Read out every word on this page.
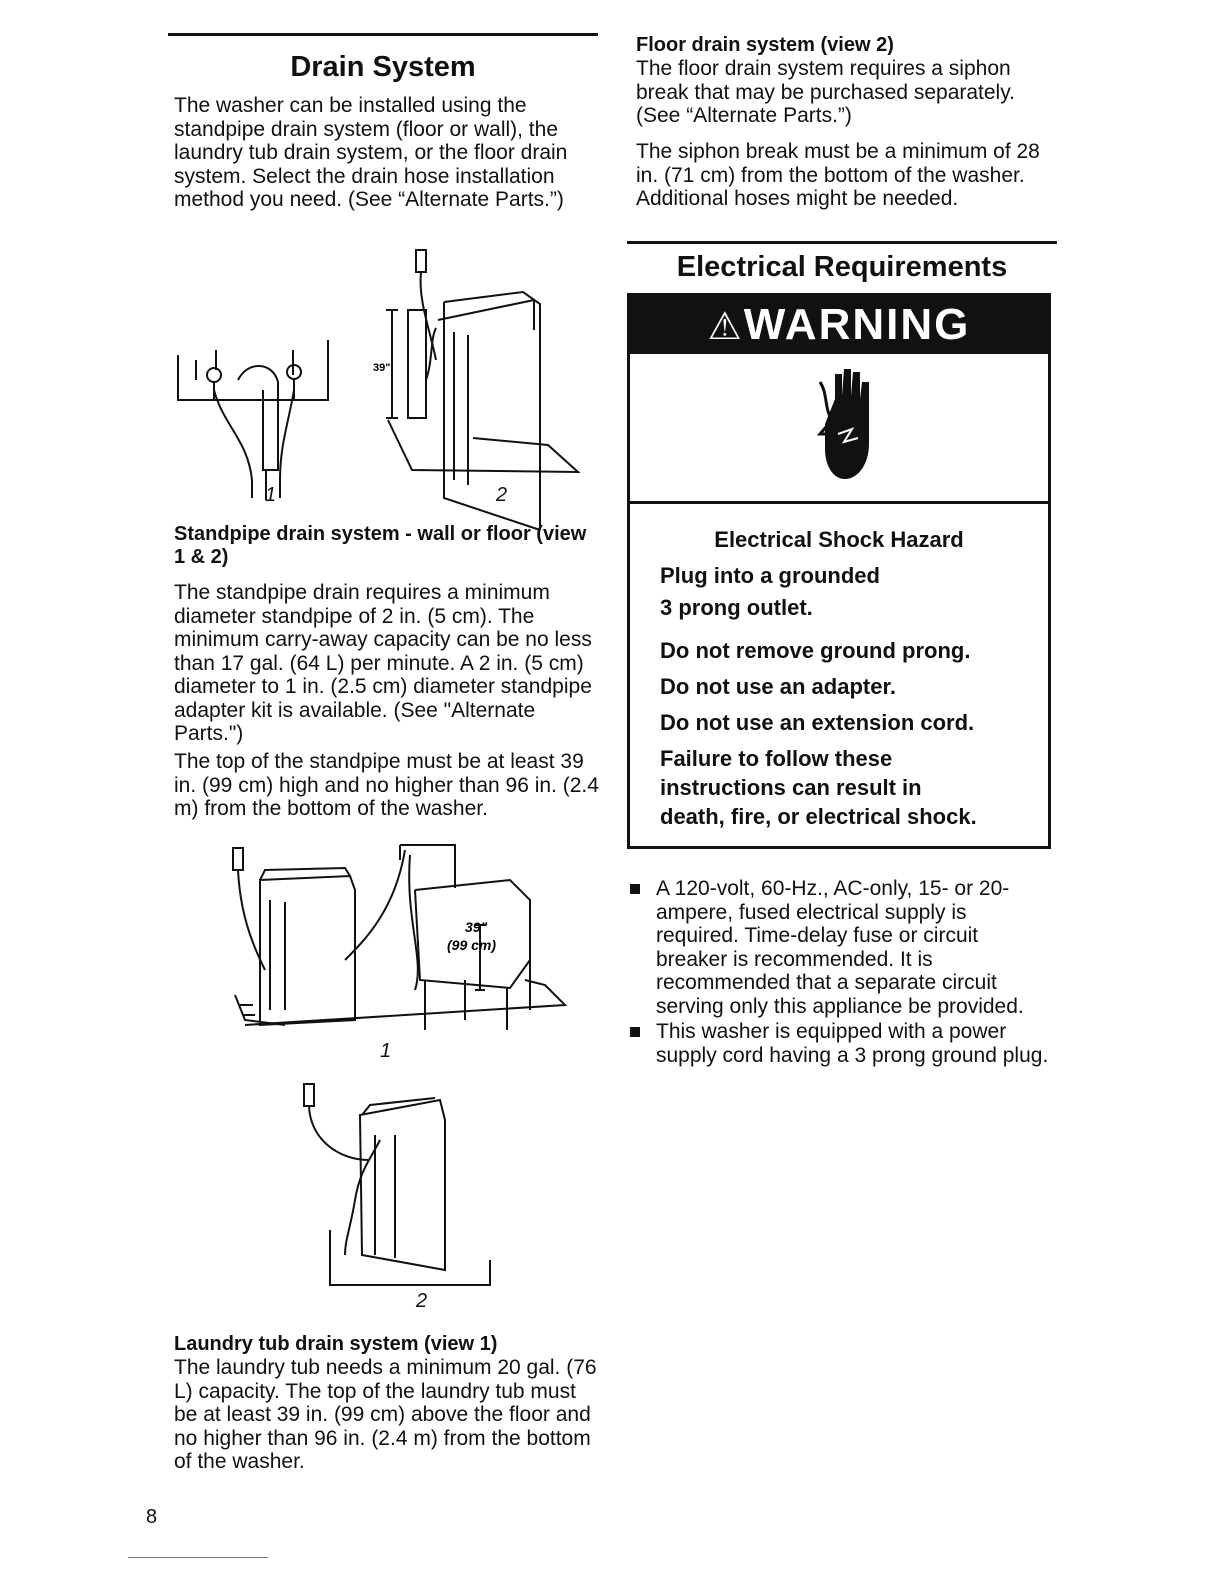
Drain System

The washer can be installed using the standpipe drain system (floor or wall), the laundry tub drain system, or the floor drain system. Select the drain hose installation method you need. (See “Alternate Parts.”)

39"
1	2

Standpipe drain system - wall or floor (view 1 & 2)

The standpipe drain requires a minimum diameter standpipe of 2 in. (5 cm). The minimum carry-away capacity can be no less than 17 gal. (64 L) per minute. A 2 in. (5 cm) diameter to 1 in. (2.5 cm) diameter standpipe adapter kit is available. (See "Alternate Parts.")

The top of the standpipe must be at least 39 in. (99 cm) high and no higher than 96 in. (2.4 m) from the bottom of the washer.

39"
(99 cm)
1
2

Laundry tub drain system (view 1)

The laundry tub needs a minimum 20 gal. (76 L) capacity. The top of the laundry tub must be at least 39 in. (99 cm) above the floor and no higher than 96 in. (2.4 m) from the bottom of the washer.

8

Floor drain system (view 2)

The floor drain system requires a siphon break that may be purchased separately. (See “Alternate Parts.”)

The siphon break must be a minimum of 28 in. (71 cm) from the bottom of the washer. Additional hoses might be needed.

Electrical Requirements
⚠WARNING

Electrical Shock Hazard

Plug into a grounded

3 prong outlet.

Do not remove ground prong.

Do not use an adapter.

Do not use an extension cord.

Failure to follow these

instructions can result in

death, fire, or electrical shock.

A 120-volt, 60-Hz., AC-only, 15- or 20-ampere, fused electrical supply is required. Time-delay fuse or circuit breaker is recommended. It is recommended that a separate circuit serving only this appliance be provided.
This washer is equipped with a power supply cord having a 3 prong ground plug.
